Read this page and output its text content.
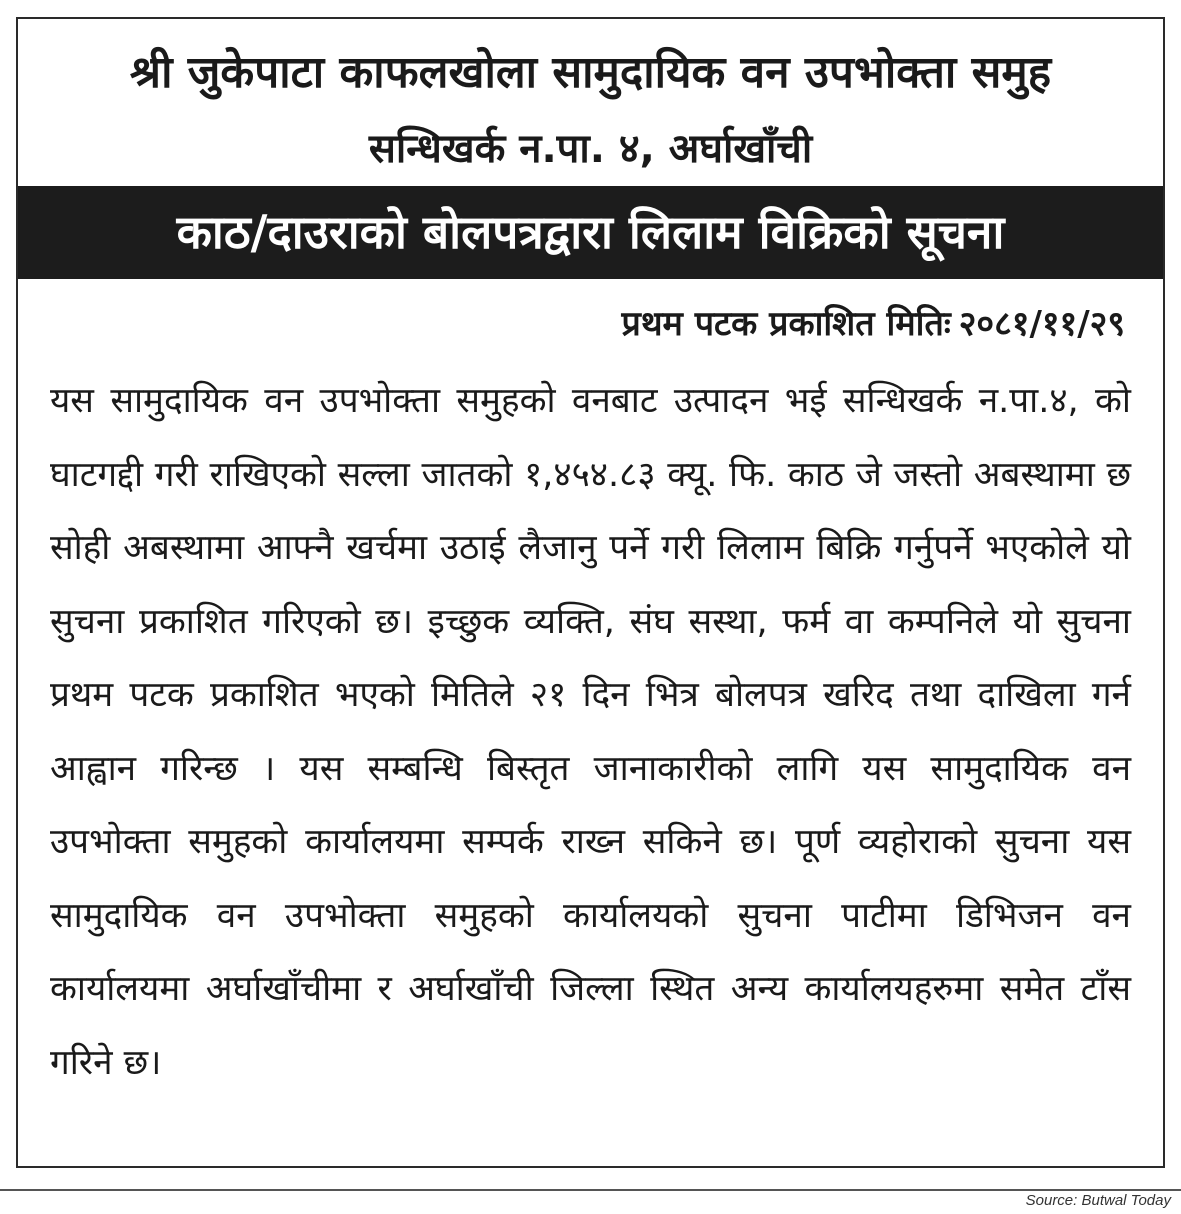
श्री जुकेपाटा काफलखोला सामुदायिक वन उपभोक्ता समुह
सन्धिखर्क न.पा. ४, अर्घाखाँची
काठ/दाउराको बोलपत्रद्वारा लिलाम विक्रिको सूचना
प्रथम पटक प्रकाशित मितिः २०८१/११/२९
यस सामुदायिक वन उपभोक्ता समुहको वनबाट उत्पादन भई सन्धिखर्क न.पा.४, को घाटगद्दी गरी राखिएको सल्ला जातको १,४५४.८३ क्यू. फि. काठ जे जस्तो अबस्थामा छ सोही अबस्थामा आफ्नै खर्चमा उठाई लैजानु पर्ने गरी लिलाम बिक्रि गर्नुपर्ने भएकोले यो सुचना प्रकाशित गरिएको छ। इच्छुक व्यक्ति, संघ सस्था, फर्म वा कम्पनिले यो सुचना प्रथम पटक प्रकाशित भएको मितिले २१ दिन भित्र बोलपत्र खरिद तथा दाखिला गर्न आह्वान गरिन्छ । यस सम्बन्धि बिस्तृत जानाकारीको लागि यस सामुदायिक वन उपभोक्ता समुहको कार्यालयमा सम्पर्क राख्न सकिने छ। पूर्ण व्यहोराको सुचना यस सामुदायिक वन उपभोक्ता समुहको कार्यालयको सुचना पाटीमा डिभिजन वन कार्यालयमा अर्घाखाँचीमा र अर्घाखाँची जिल्ला स्थित अन्य कार्यालयहरुमा समेत टाँस गरिने छ।
Source: Butwal Today
